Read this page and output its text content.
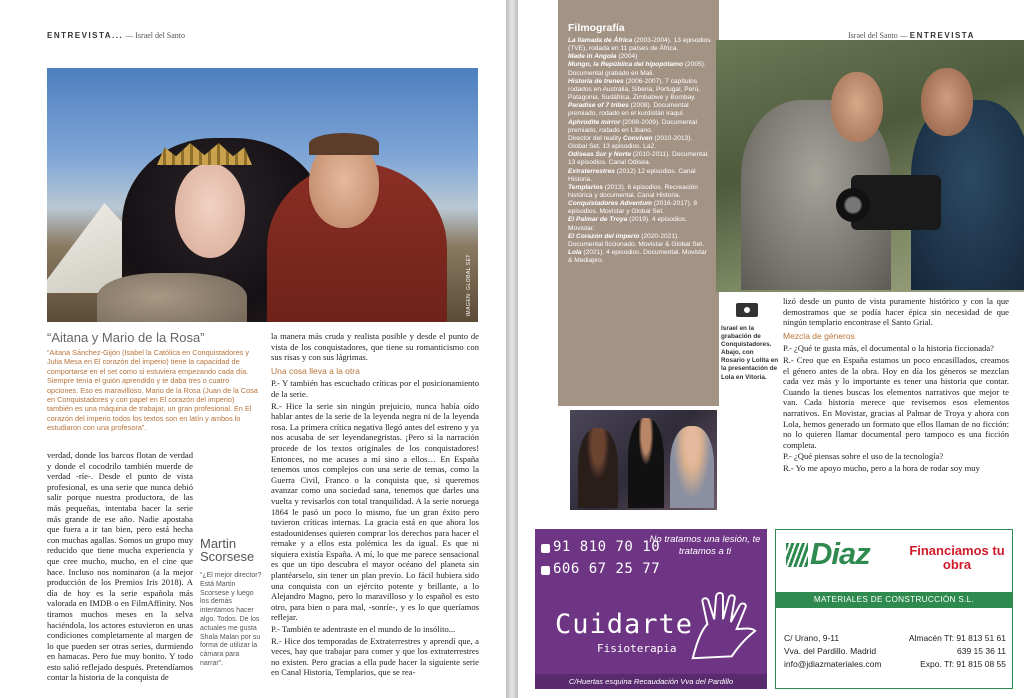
ENTREVISTA... — Israel del Santo
IMAGEN: GLOBAL SET
“Aitana y Mario de la Rosa”
“Aitana Sánchez-Gijón (Isabel la Católica en Conquistadores y Julia Mesa en El corazón del imperio) tiene la capacidad de comportarse en el set como si estuviera empezando cada día. Siempre tenía el guión aprendido y te daba tres o cuatro opciones. Eso es maravilloso. Mario de la Rosa (Juan de la Cosa en Conquistadores y con papel en El corazón del imperio) también es una máquina de trabajar, un gran profesional. En El corazón del imperio todos los textos son en latín y ambos lo estudiaron con una profesora”.

verdad, donde los barcos flotan de verdad y donde el cocodrilo también muerde de verdad -ríe-. Desde el punto de vista profesional, es una serie que nunca debió salir porque nuestra productora, de las más pequeñas, intentaba hacer la serie más grande de ese año. Nadie apostaba que fuera a ir tan bien, pero está hecha con muchas agallas. Somos un grupo muy reducido que tiene mucha experiencia y que cree mucho, mucho, en el cine que hace. Incluso nos nominaron (a la mejor producción de los Premios Iris 2018). A día de hoy es la serie española más valorada en IMDB o en FilmAffinity. Nos tiramos muchos meses en la selva haciéndola, los actores estuvieron en unas condiciones completamente al margen de lo que pueden ser otras series, durmiendo en hamacas. Pero fue muy bonito. Y todo esto salió reflejado después. Pretendíamos contar la historia de la conquista de

Martin
Scorsese
“¿El mejor director? Está Martin Scorsese y luego los demás intentamos hacer algo. Todos. De los actuales me gusta Shala Malan por su forma de utilizar la cámara para narrar”.

la manera más cruda y realista posible y desde el punto de vista de los conquistadores, que tiene su romanticismo con sus risas y con sus lágrimas.

Una cosa lleva a la otra

P.- Y también has escuchado críticas por el posicionamiento de la serie.

R.- Hice la serie sin ningún prejuicio, nunca había oído hablar antes de la serie de la leyenda negra ni de la leyenda rosa. La primera crítica negativa llegó antes del estreno y ya nos acusaba de ser leyendanegristas. ¡Pero si la narración procede de los textos originales de los conquistadores! Entonces, no me acuses a mí sino a ellos… En España tenemos unos complejos con una serie de temas, como la Guerra Civil, Franco o la conquista que, si queremos avanzar como una sociedad sana, tenemos que darles una vuelta y revisarlos con total tranquilidad. A la serie noruega 1864 le pasó un poco lo mismo, fue un gran éxito pero tuvieron críticas internas. La gracia está en que ahora los estadounidenses quieren comprar los derechos para hacer el remake y a ellos esta polémica les da igual. Es que ni siquiera existía España. A mí, lo que me parece sensacional es que un tipo descubra el mayor océano del planeta sin plantéarselo, sin tener un plan previo. Lo fácil hubiera sido una conquista con un ejército potente y brillante, a lo Alejandro Magno, pero lo maravilloso y lo español es esto otro, para bien o para mal, -sonríe-, y es lo que queríamos reflejar.

P.- También te adentraste en el mundo de lo insólito...

R.- Hice dos temporadas de Extraterrestres y aprendí que, a veces, hay que trabajar para comer y que los extraterrestres no existen. Pero gracias a ella pude hacer la siguiente serie en Canal Historia, Templarios, que se rea-

Filmografía
La llamada de África (2003-2004). 13 episodios (TVE), rodada en 11 países de África.
Made in Angola (2004)
Mungo, la República del hipopótamo (2005). Documental grabado en Mali.
Historia de trenes (2006-2007). 7 capítulos rodados en Australia, Siberia, Portugal, Perú, Patagonia, Sudáfrica, Zimbabwe y Bombay.
Paradise of 7 tribes (2008). Documental premiado, rodado en el kurdistán iraquí.
Aphrodite mirror (2008-2009). Documental premiado, rodado en Líbano.
Director del reality Conviven (2010-2013). Global Set. 13 episodios. La2.
Odiseas Sur y Norte (2010-2011). Documental. 13 episodios. Canal Odisea.
Extraterrestres (2012) 12 episodios. Canal Historia.
Templarios (2013). 6 episodios. Recreación histórica y documental. Canal Historia.
Conquistadores Adventum (2016-2017). 8 episodios. Movistar y Global Set.
El Palmar de Troya (2019). 4 episodios. Movistar.
El Corazón del imperio (2020-2021). Documental ficcionado. Movistar & Global Set.
Lola (2021). 4 episodios. Documental. Movistar & Mediapro.

Israel del Santo — ENTREVISTA
Israel en la grabación de Conquistadores. Abajo, con Rosario y Lolita en la presentación de Lola en Vitoria.

lizó desde un punto de vista puramente histórico y con la que demostramos que se podía hacer épica sin necesidad de que ningún templario encontrase el Santo Grial.

Mezcla de géneros

P.- ¿Qué te gusta más, el documental o la historia ficcionada?

R.- Creo que en España estamos un poco encasillados, creamos el género antes de la obra. Hoy en día los géneros se mezclan cada vez más y lo importante es tener una historia que contar. Cuando la tienes buscas los elementos narrativos que mejor te van. Cada historia merece que revisemos esos elementos narrativos. En Movistar, gracias al Palmar de Troya y ahora con Lola, hemos generado un formato que ellos llaman de no ficción: no lo quieren llamar documental pero tampoco es una ficción completa.

P.- ¿Qué piensas sobre el uso de la tecnología?

R.- Yo me apoyo mucho, pero a la hora de rodar soy muy

91 810 70 10
606 67 25 77
No tratamos una lesión, te tratamos a ti
Cuidarte
Fisioterapia
C/Huertas esquina Recaudación Vva del Pardillo
Diaz	Financiamos tu obra
MATERIALES DE CONSTRUCCIÓN S.L.
C/ Urano, 9-11
Vva. del Pardillo. Madrid
info@jdiazmateriales.com
Almacén Tf: 91 813 51 61
639 15 36 11
Expo. Tf: 91 815 08 55
